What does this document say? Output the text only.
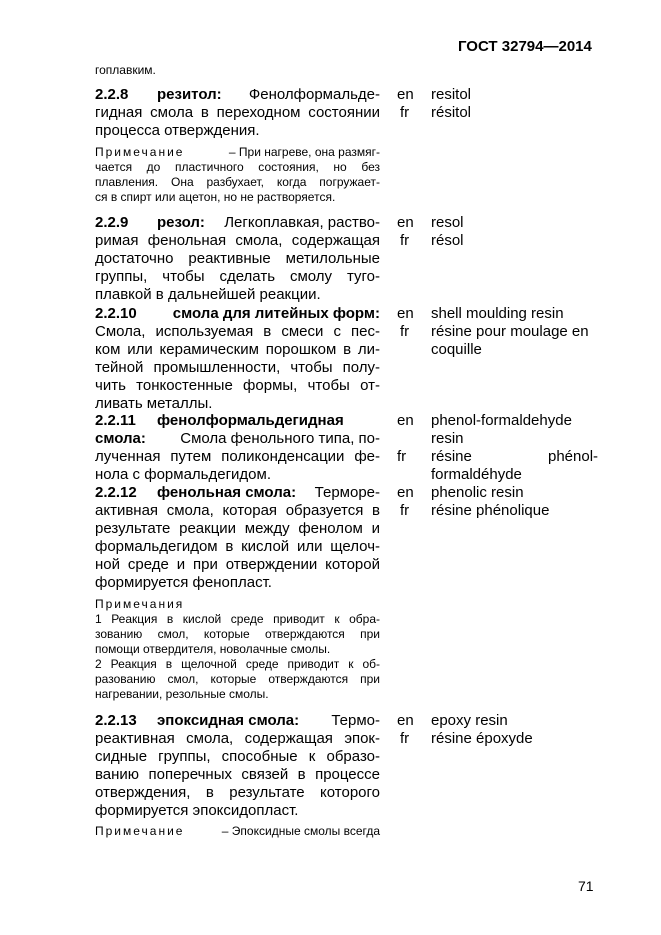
ГОСТ 32794—2014
гоплавким.
2.2.8 резитол:	Фенолформальде-
гидная смола в переходном состоянии
процесса отверждения.
en resitol
fr résitol
Примечание	– При нагреве, она размяг-
чается до пластичного состояния, но без
плавления. Она разбухает, когда погружает-
ся в спирт или ацетон, но не растворяется.
2.2.9 резол:	Легкоплавкая, раство-
римая фенольная смола, содержащая
достаточно реактивные метилольные
группы, чтобы сделать смолу туго-
плавкой в дальнейшей реакции.
en resol
fr résol
2.2.10	смола для литейных форм:
Смола, используемая в смеси с пес-
ком или керамическим порошком в ли-
тейной промышленности, чтобы полу-
чить тонкостенные формы, чтобы от-
ливать металлы.
en shell moulding resin
fr résine pour moulage en
coquille
2.2.11 фенолформальдегидная
смола:	Смола фенольного типа, по-
лученная путем поликонденсации фе-
нола с формальдегидом.
en phenol-formaldehyde
resin
fr résine	phénol-
formaldéhyde
2.2.12 фенольная смола:	Терморе-
активная смола, которая образуется в
результате реакции между фенолом и
формальдегидом в кислой или щелоч-
ной среде и при отверждении которой
формируется фенопласт.
en phenolic resin
fr résine phénolique
Примечания
1 Реакция в кислой среде приводит к обра-
зованию смол, которые отверждаются при
помощи отвердителя, новолачные смолы.
2 Реакция в щелочной среде приводит к об-
разованию смол, которые отверждаются при
нагревании, резольные смолы.
2.2.13 эпоксидная смола:	Термо-
реактивная смола, содержащая эпок-
сидные группы, способные к образо-
ванию поперечных связей в процессе
отверждения, в результате которого
формируется эпоксидопласт.
en epoxy resin
fr résine époxyde
Примечание	– Эпоксидные смолы всегда
71
